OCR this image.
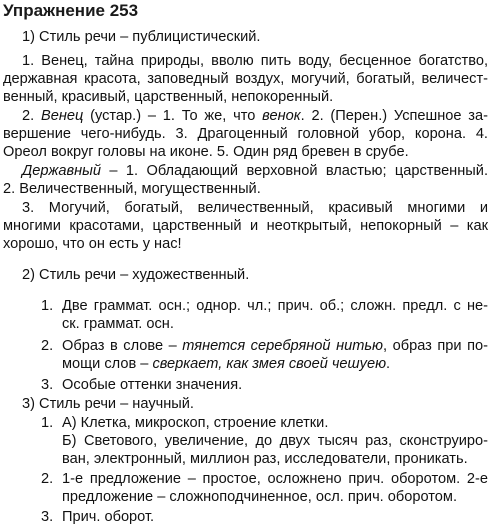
Упражнение 253
1) Стиль речи – публицистический.
1. Венец, тайна природы, вволю пить воду, бесценное богатство,
державная красота, заповедный воздух, могучий, богатый, величест-
венный, красивый, царственный, непокоренный.
2. Венец (устар.) – 1. То же, что венок. 2. (Перен.) Успешное за-
вершение чего-нибудь. 3. Драгоценный головной убор, корона. 4.
Ореол вокруг головы на иконе. 5. Один ряд бревен в срубе.
Державный – 1. Обладающий верховной властью; царственный.
2. Величественный, могущественный.
3. Могучий, богатый, величественный, красивый многими и
многими красотами, царственный и неоткрытый, непокорный – как
хорошо, что он есть у нас!
2) Стиль речи – художественный.
1. Две граммат. осн.; однор. чл.; прич. об.; сложн. предл. с не-
ск. граммат. осн.
2. Образ в слове – тянется серебряной нитью, образ при по-
мощи слов – сверкает, как змея своей чешуею.
3. Особые оттенки значения.
3) Стиль речи – научный.
1. А) Клетка, микроскоп, строение клетки.
Б) Светового, увеличение, до двух тысяч раз, сконструиро-
ван, электронный, миллион раз, исследователи, проникать.
2. 1-е предложение – простое, осложнено прич. оборотом. 2-е
предложение – сложноподчиненное, осл. прич. оборотом.
3. Прич. оборот.
